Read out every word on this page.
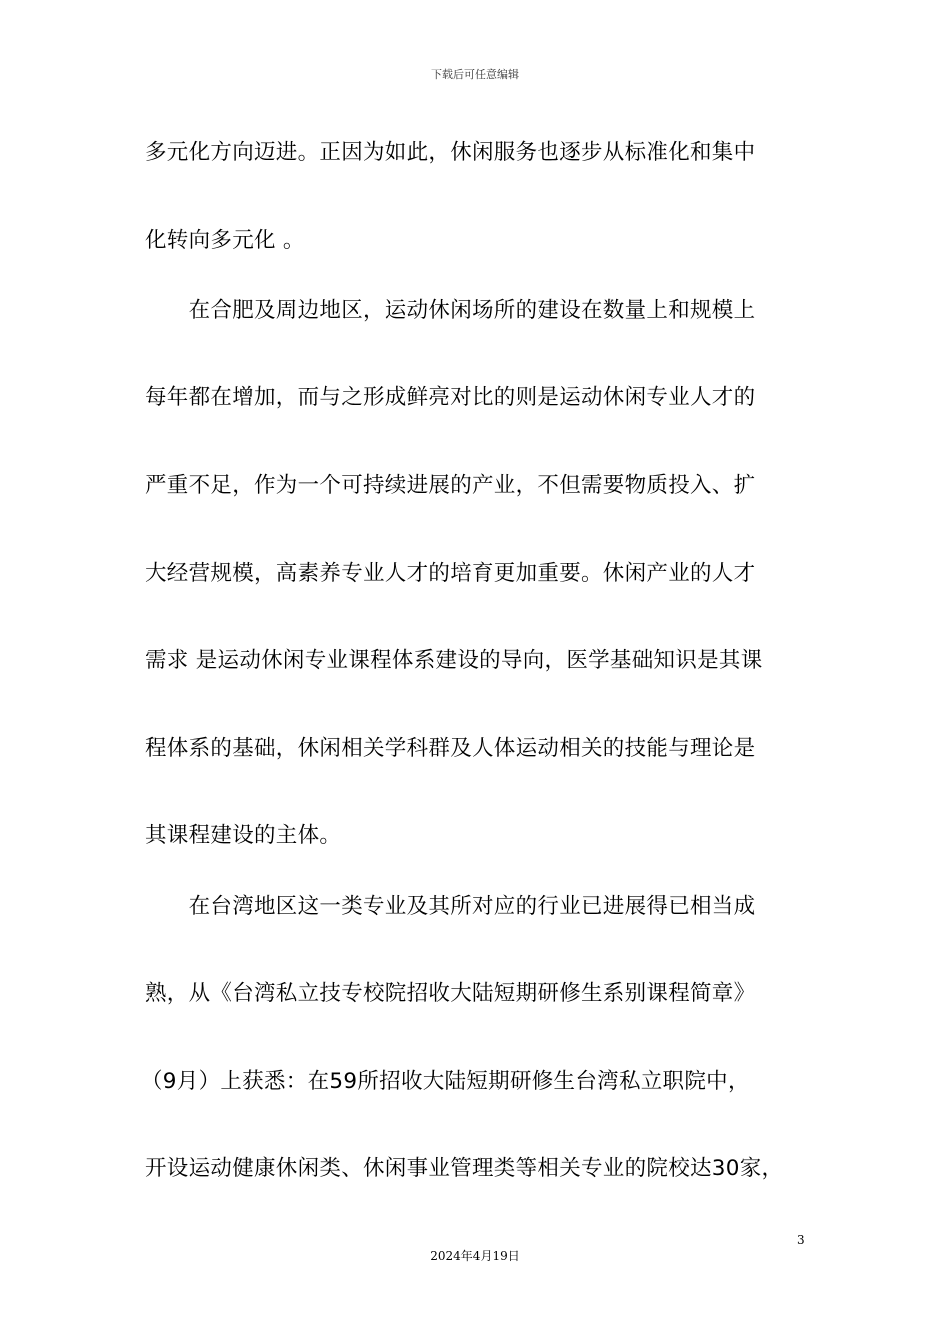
下载后可任意编辑
多元化方向迈进。正因为如此，休闲服务也逐步从标准化和集中
化转向多元化 。
　　在合肥及周边地区，运动休闲场所的建设在数量上和规模上
每年都在增加，而与之形成鲜亮对比的则是运动休闲专业人才的
严重不足，作为一个可持续进展的产业，不但需要物质投入、扩
大经营规模，高素养专业人才的培育更加重要。休闲产业的人才
需求 是运动休闲专业课程体系建设的导向，医学基础知识是其课
程体系的基础，休闲相关学科群及人体运动相关的技能与理论是
其课程建设的主体。
　　在台湾地区这一类专业及其所对应的行业已进展得已相当成
熟，从《台湾私立技专校院招收大陆短期研修生系别课程简章》
（9月）上获悉：在59所招收大陆短期研修生台湾私立职院中，
开设运动健康休闲类、休闲事业管理类等相关专业的院校达30家，
3
2024年4月19日
